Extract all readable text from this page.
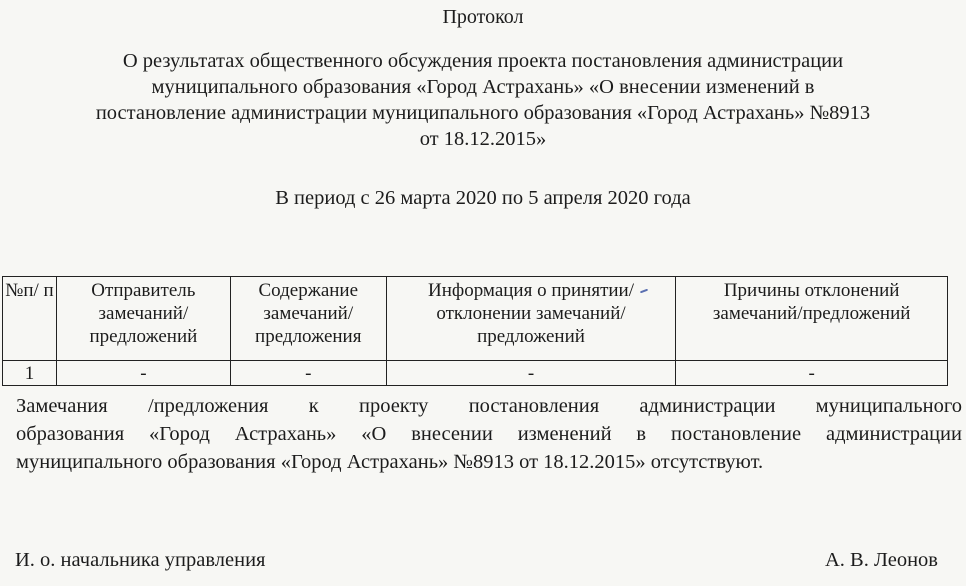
Протокол
О результатах общественного обсуждения проекта постановления администрации
муниципального образования «Город Астрахань» «О внесении изменений в
постановление администрации муниципального образования «Город Астрахань» №8913
от 18.12.2015»
В период с 26 марта 2020 по 5 апреля 2020 года
№п/ п	Отправитель замечаний/ предложений	Содержание замечаний/ предложения	Информация о принятии/отклонении замечаний/предложений	Причины отклонений замечаний/предложений
1	-	-	-	-
Замечания /предложения к проекту постановления администрации муниципального
образования «Город Астрахань» «О внесении изменений в постановление администрации
муниципального образования «Город Астрахань» №8913 от 18.12.2015» отсутствуют.
И. о. начальника управления	А. В. Леонов
